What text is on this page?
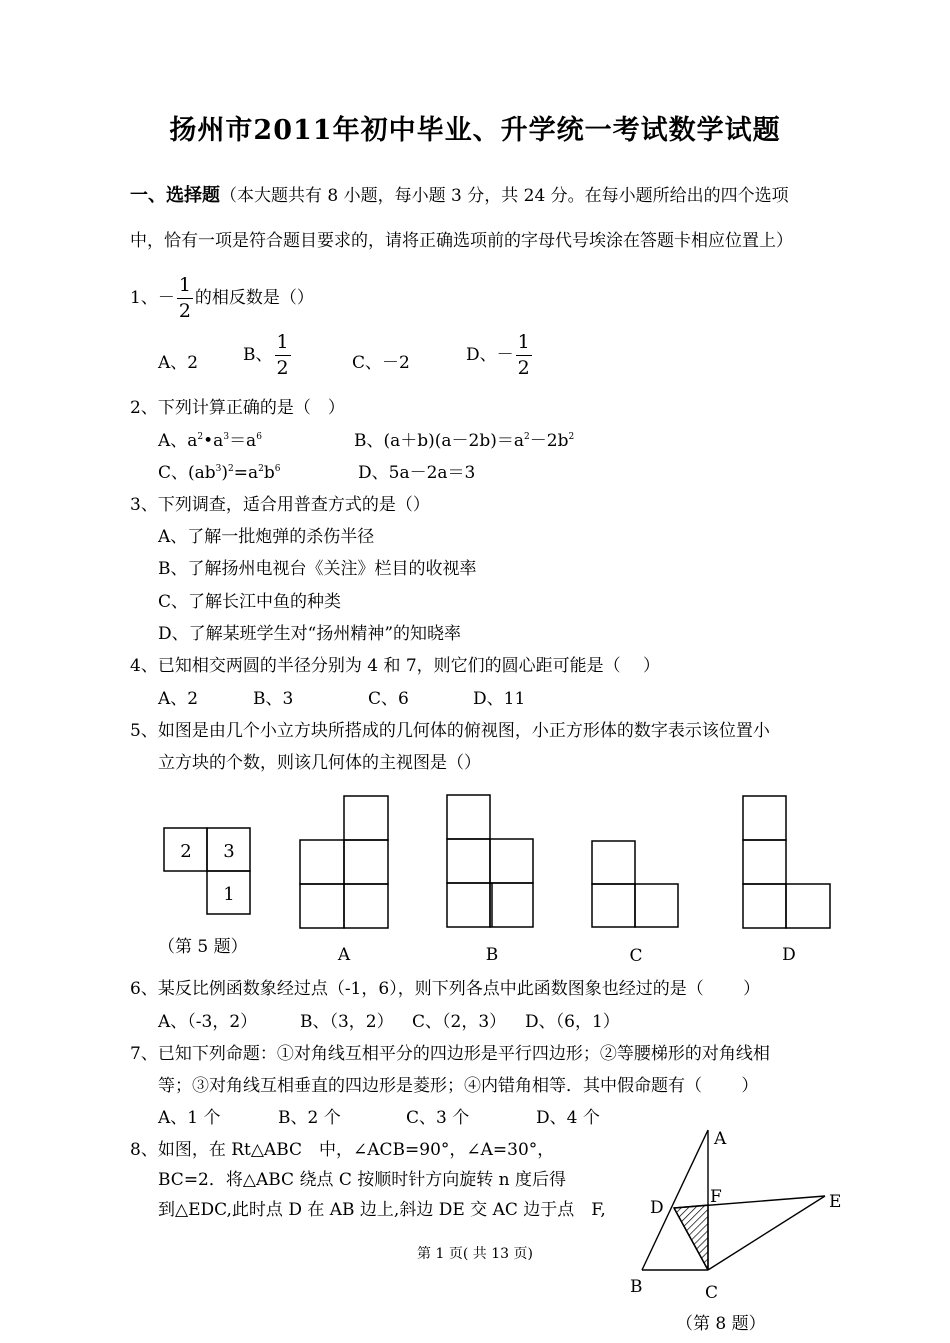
扬州市2011年初中毕业、升学统一考试数学试题
一、选择题（本大题共有 8 小题，每小题 3 分，共 24 分。在每小题所给出的四个选项
中，恰有一项是符合题目要求的，请将正确选项前的字母代号埃涂在答题卡相应位置上）
1、－ $\frac{1}{2}$ 的相反数是（）
A、2	B、 $\frac{1}{2}$	C、－2	D、－ $\frac{1}{2}$
2、下列计算正确的是（　）
A、$a^2•a^3=a^6$	B、$(a+b)(a-2b)=a^2-2b^2$
C、$(ab^3)^2=a^2b^6$	D、5a－2a＝3
3、下列调查，适合用普查方式的是（）
A、了解一批炮弹的杀伤半径
B、了解扬州电视台《关注》栏目的收视率
C、了解长江中鱼的种类
D、了解某班学生对“扬州精神”的知晓率
4、已知相交两圆的半径分别为 4 和 7，则它们的圆心距可能是（　 ）
A、2	B、3	C、6	D、11
5、如图是由几个小立方块所搭成的几何体的俯视图，小正方形体的数字表示该位置小
立方块的个数，则该几何体的主视图是（）
2 3
1
A	B	C	D
（第 5 题）
6、某反比例函数象经过点（-1，6），则下列各点中此函数图象也经过的是（　　 ）
A、（-3，2）	B、（3，2） C、（2，3） D、（6，1）
7、已知下列命题：①对角线互相平分的四边形是平行四边形；②等腰梯形的对角线相
等；③对角线互相垂直的四边形是菱形；④内错角相等．其中假命题有（　　 ）
A、1 个	B、2 个	C、3 个	D、4 个
8、如图，在 Rt△ABC　中，∠ACB=90°，∠A=30°，
BC=2．将△ABC 绕点 C 按顺时针方向旋转 n 度后得
到△EDC,此时点 D 在 AB 边上,斜边 DE 交 AC 边于点　F,
A
B	C
D	E
F
（第 8 题）
第 1 页( 共 13 页)
